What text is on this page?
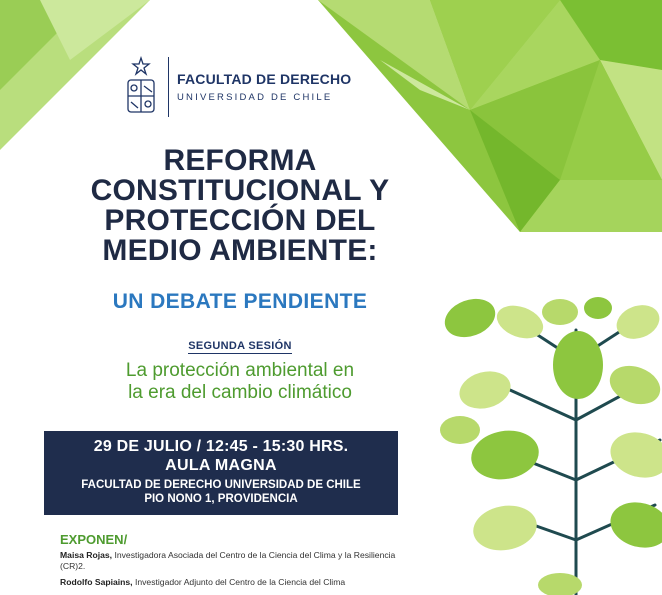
FACULTAD DE DERECHO
UNIVERSIDAD DE CHILE
REFORMA
CONSTITUCIONAL Y
PROTECCIÓN DEL
MEDIO AMBIENTE:
UN DEBATE PENDIENTE
SEGUNDA SESIÓN
La protección ambiental en
la era del cambio climático
29 DE JULIO / 12:45 - 15:30 HRS.
AULA MAGNA
FACULTAD DE DERECHO UNIVERSIDAD DE CHILE
PIO NONO 1, PROVIDENCIA
EXPONEN/
Maisa Rojas, Investigadora Asociada del Centro de la Ciencia del Clima y la Resiliencia (CR)2.
Rodolfo Sapiains, Investigador Adjunto del Centro de la Ciencia del Clima
